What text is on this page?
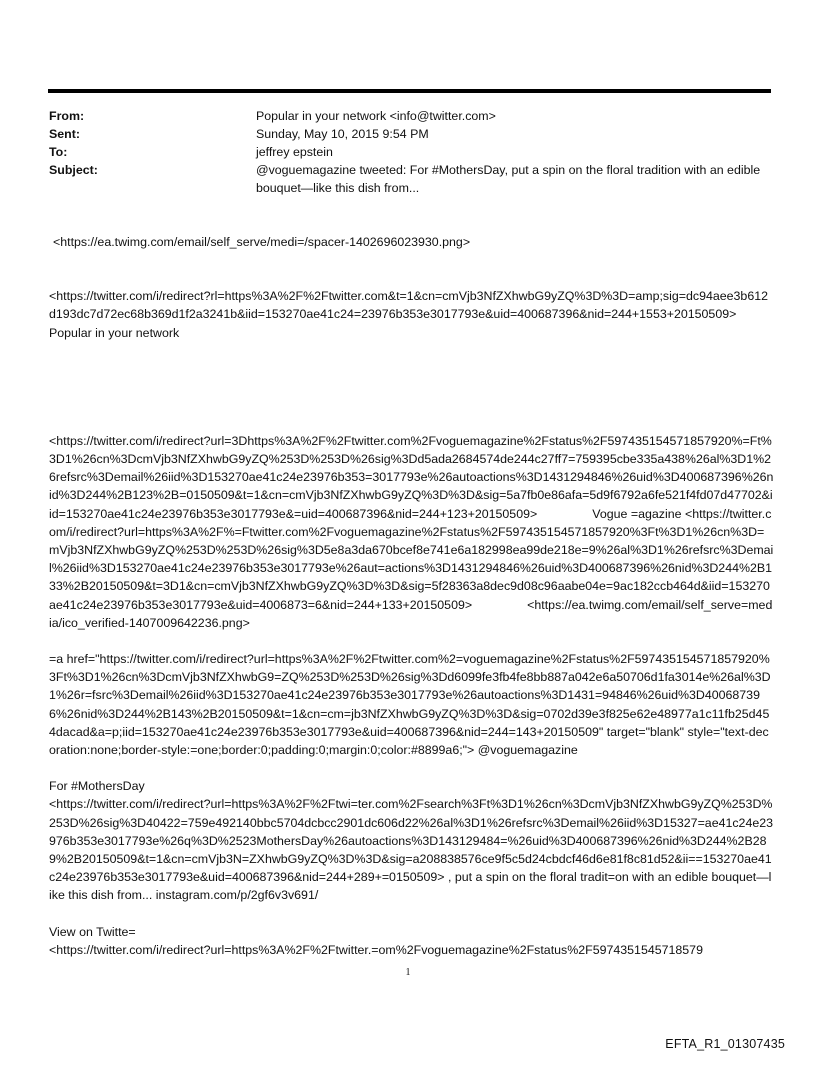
From:	Popular in your network <info@twitter.com>
Sent:	Sunday, May 10, 2015 9:54 PM
To:	jeffrey epstein
Subject:	@voguemagazine tweeted: For #MothersDay, put a spin on the floral tradition with an edible bouquet—like this dish from...

<https://ea.twimg.com/email/self_serve/medi=/spacer-1402696023930.png>

<https://twitter.com/i/redirect?rl=https%3A%2F%2Ftwitter.com&t=1&cn=cmVjb3NfZXhwbG9yZQ%3D%3D=amp;sig=dc94aee3b612d193dc7d72ec68b369d1f2a3241b&iid=153270ae41c24=23976b353e3017793e&uid=400687396&nid=244+1553+20150509>                  Popular in your network

<https://twitter.com/i/redirect?url=3Dhttps%3A%2F%2Ftwitter.com%2Fvoguemagazine%2Fstatus%2F597435154571857920%=Ft%3D1%26cn%3DcmVjb3NfZXhwbG9yZQ%253D%253D%26sig%3Dd5ada2684574de244c27ff7=759395cbe335a438%26al%3D1%26refsrc%3Demail%26iid%3D153270ae41c24e23976b353=3017793e%26autoactions%3D1431294846%26uid%3D400687396%26nid%3D244%2B123%2B=0150509&t=1&cn=cmVjb3NfZXhwbG9yZQ%3D%3D&sig=5a7fb0e86afa=5d9f6792a6fe521f4fd07d47702&iid=153270ae41c24e23976b353e3017793e&=uid=400687396&nid=244+123+20150509>                Vogue =agazine <https://twitter.com/i/redirect?url=https%3A%2F%=Ftwitter.com%2Fvoguemagazine%2Fstatus%2F597435154571857920%3Ft%3D1%26cn%3D=mVjb3NfZXhwbG9yZQ%253D%253D%26sig%3D5e8a3da670bcef8e741e6a182998ea99de218e=9%26al%3D1%26refsrc%3Demail%26iid%3D153270ae41c24e23976b353e3017793e%26aut=actions%3D1431294846%26uid%3D400687396%26nid%3D244%2B133%2B20150509&t=3D1&cn=cmVjb3NfZXhwbG9yZQ%3D%3D&sig=5f28363a8dec9d08c96aabe04e=9ac182ccb464d&iid=153270ae41c24e23976b353e3017793e&uid=4006873=6&nid=244+133+20150509>                <https://ea.twimg.com/email/self_serve=media/ico_verified-1407009642236.png>

=a href="https://twitter.com/i/redirect?url=https%3A%2F%2Ftwitter.com%2=voguemagazine%2Fstatus%2F597435154571857920%3Ft%3D1%26cn%3DcmVjb3NfZXhwbG9=ZQ%253D%253D%26sig%3Dd6099fe3fb4fe8bb887a042e6a50706d1fa3014e%26al%3D1%26r=fsrc%3Demail%26iid%3D153270ae41c24e23976b353e3017793e%26autoactions%3D1431=94846%26uid%3D400687396%26nid%3D244%2B143%2B20150509&t=1&cn=cm=jb3NfZXhwbG9yZQ%3D%3D&sig=0702d39e3f825e62e48977a1c11fb25d454dacad&a=p;iid=153270ae41c24e23976b353e3017793e&uid=400687396&nid=244=143+20150509" target="blank" style="text-decoration:none;border-style:=one;border:0;padding:0;margin:0;color:#8899a6;"> @voguemagazine

For #MothersDay

<https://twitter.com/i/redirect?url=https%3A%2F%2Ftwi=ter.com%2Fsearch%3Ft%3D1%26cn%3DcmVjb3NfZXhwbG9yZQ%253D%253D%26sig%3D40422=759e492140bbc5704dcbcc2901dc606d22%26al%3D1%26refsrc%3Demail%26iid%3D15327=ae41c24e23976b353e3017793e%26q%3D%2523MothersDay%26autoactions%3D143129484=%26uid%3D400687396%26nid%3D244%2B289%2B20150509&t=1&cn=cmVjb3N=ZXhwbG9yZQ%3D%3D&sig=a208838576ce9f5c5d24cbdcf46d6e81f8c81d52&ii==153270ae41c24e23976b353e3017793e&uid=400687396&nid=244+289+=0150509> , put a spin on the floral tradit=on with an edible bouquet—like this dish from... instagram.com/p/2gf6v3v691/

View on Twitte=

<https://twitter.com/i/redirect?url=https%3A%2F%2Ftwitter.=om%2Fvoguemagazine%2Fstatus%2F5974351545718579

1
EFTA_R1_01307435
